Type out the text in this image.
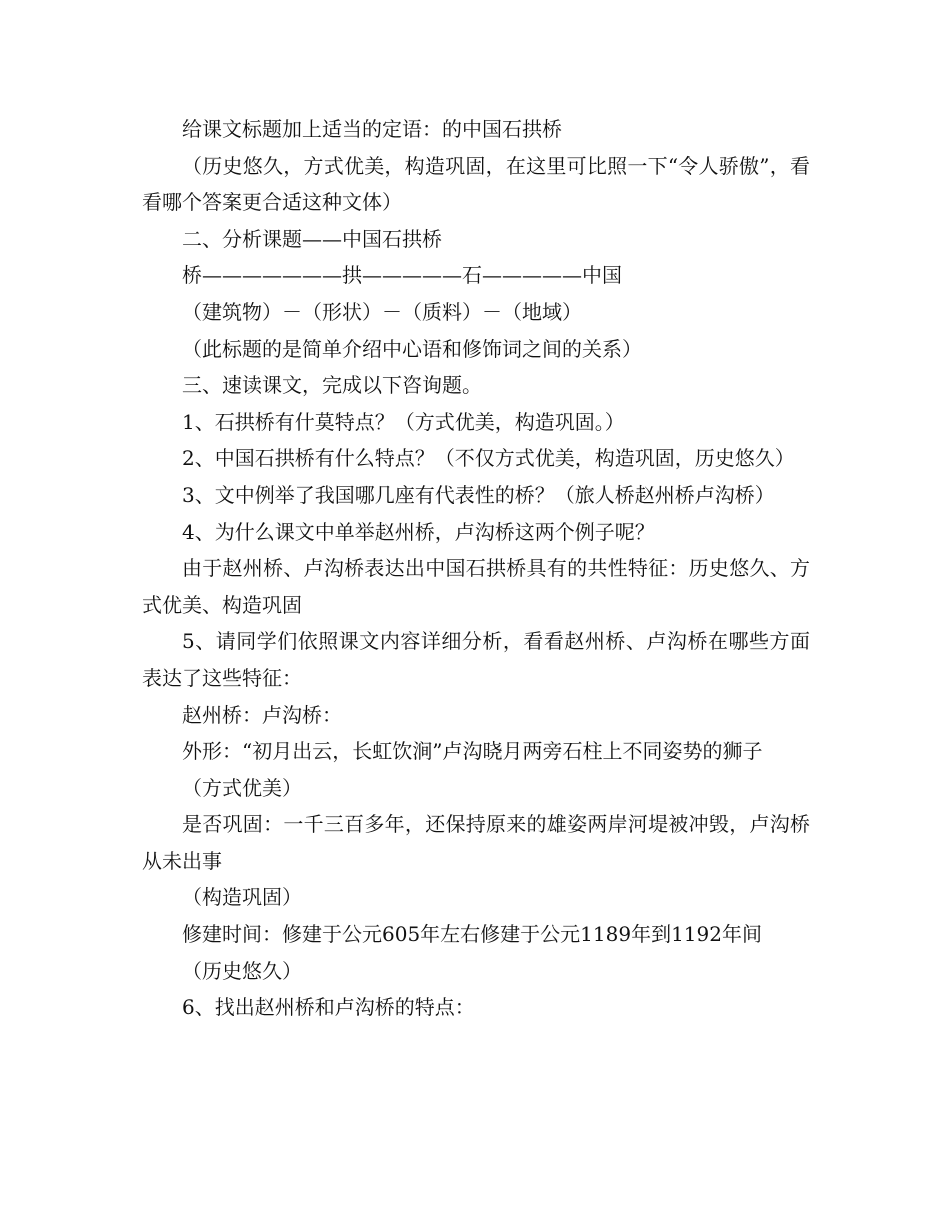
给课文标题加上适当的定语：的中国石拱桥

（历史悠久，方式优美，构造巩固，在这里可比照一下“令人骄傲”，看看哪个答案更合适这种文体）

二、分析课题——中国石拱桥

桥———————拱—————石—————中国

（建筑物）－（形状）－（质料）－（地域）

（此标题的是简单介绍中心语和修饰词之间的关系）

三、速读课文，完成以下咨询题。

1、石拱桥有什莫特点？（方式优美，构造巩固。）

2、中国石拱桥有什么特点？（不仅方式优美，构造巩固，历史悠久）

3、文中例举了我国哪几座有代表性的桥？（旅人桥赵州桥卢沟桥）

4、为什么课文中单举赵州桥，卢沟桥这两个例子呢？

由于赵州桥、卢沟桥表达出中国石拱桥具有的共性特征：历史悠久、方式优美、构造巩固

5、请同学们依照课文内容详细分析，看看赵州桥、卢沟桥在哪些方面表达了这些特征：

赵州桥：卢沟桥：

外形：“初月出云，长虹饮涧”卢沟晓月两旁石柱上不同姿势的狮子

（方式优美）

是否巩固：一千三百多年，还保持原来的雄姿两岸河堤被冲毁，卢沟桥从未出事

（构造巩固）

修建时间：修建于公元605年左右修建于公元1189年到1192年间

（历史悠久）

6、找出赵州桥和卢沟桥的特点：
